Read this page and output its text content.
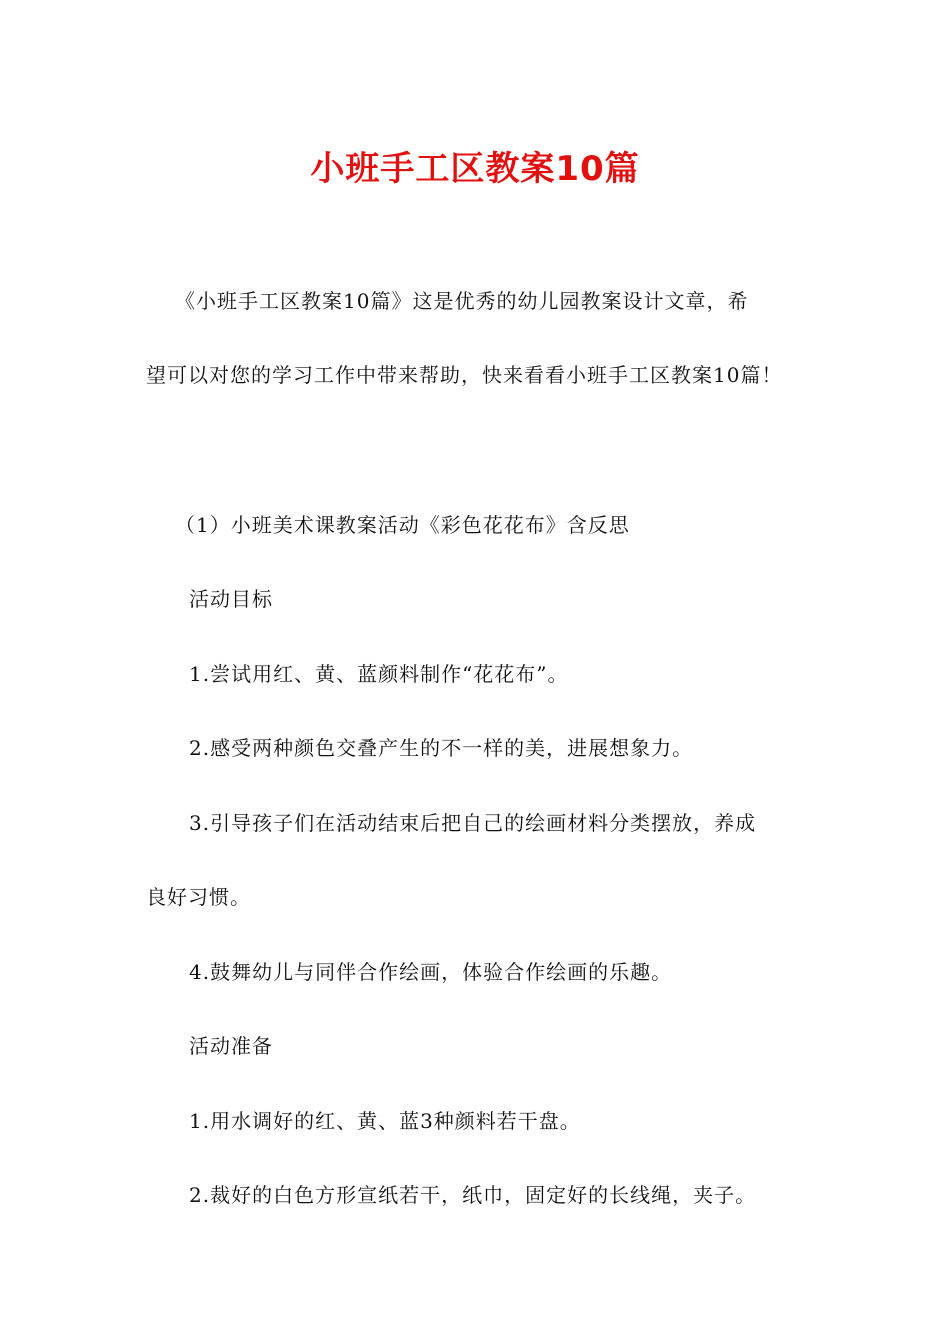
小班手工区教案10篇

《小班手工区教案10篇》这是优秀的幼儿园教案设计文章，希

望可以对您的学习工作中带来帮助，快来看看小班手工区教案10篇！

（1）小班美术课教案活动《彩色花花布》含反思

活动目标

1.尝试用红、黄、蓝颜料制作“花花布”。

2.感受两种颜色交叠产生的不一样的美，进展想象力。

3.引导孩子们在活动结束后把自己的绘画材料分类摆放，养成

良好习惯。

4.鼓舞幼儿与同伴合作绘画，体验合作绘画的乐趣。

活动准备

1.用水调好的红、黄、蓝3种颜料若干盘。

2.裁好的白色方形宣纸若干，纸巾，固定好的长线绳，夹子。
